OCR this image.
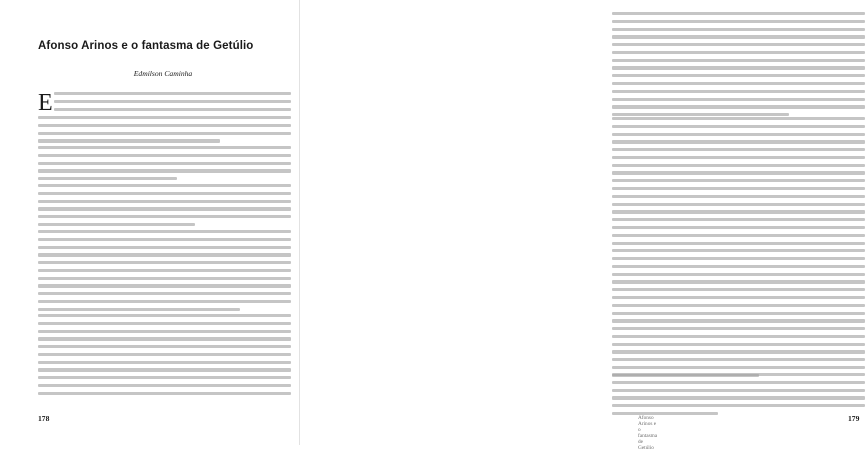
Afonso Arinos e o fantasma de Getúlio
Edmilson Caminha
E
178	Afonso Arinos e o fantasma de Getúlio
179
